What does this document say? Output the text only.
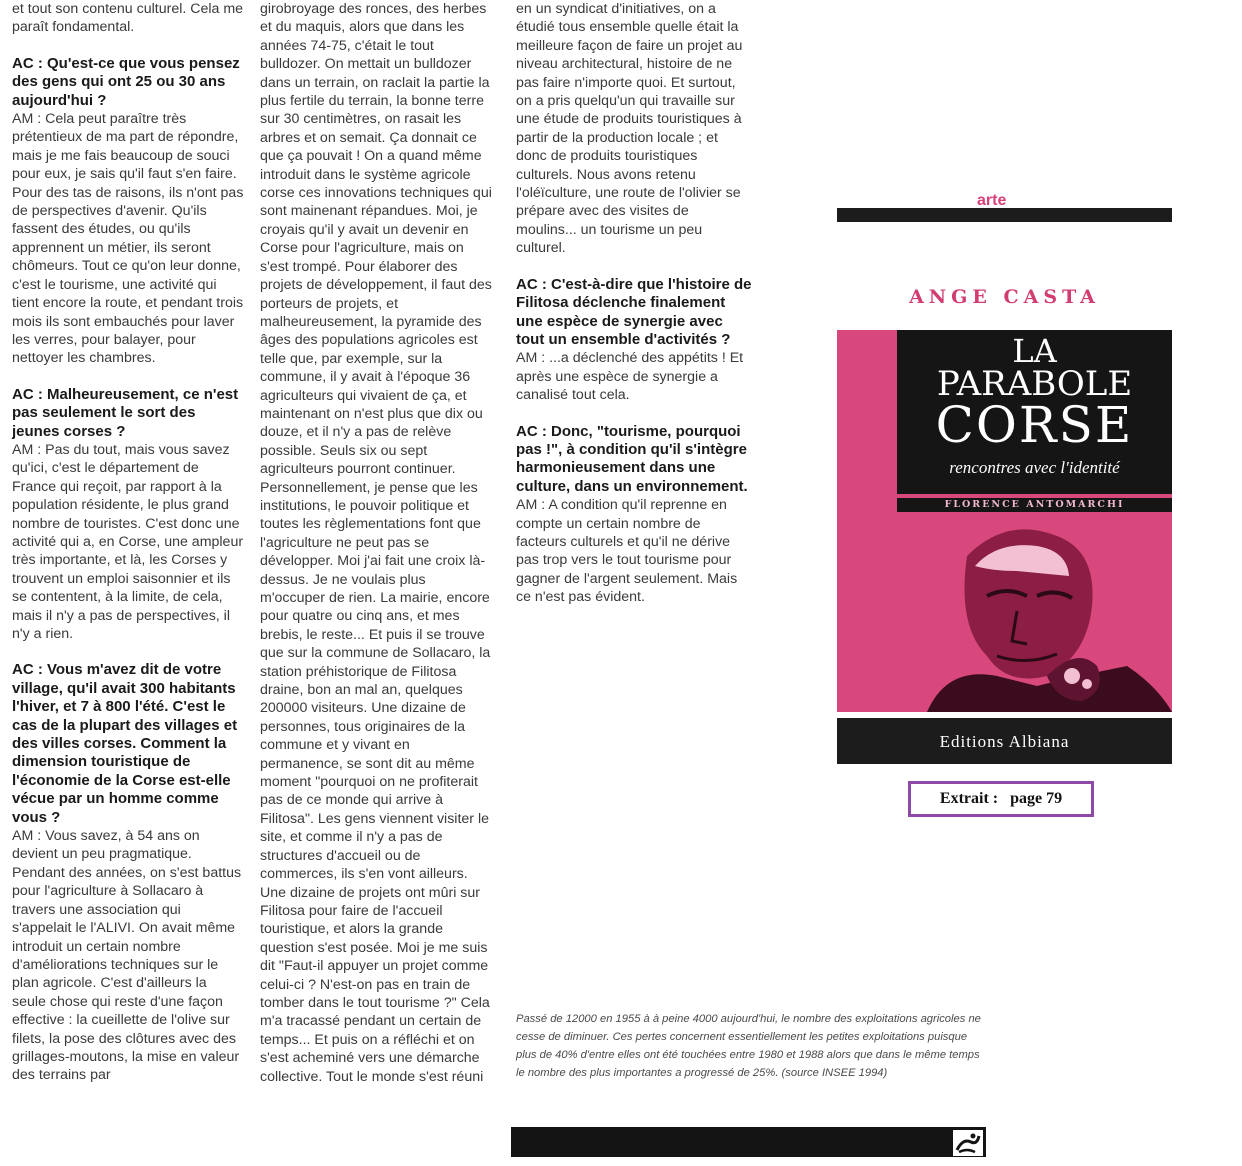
et tout son contenu culturel. Cela me paraît fondamental.

AC : Qu'est-ce que vous pensez des gens qui ont 25 ou 30 ans aujourd'hui ?
AM : Cela peut paraître très prétentieux de ma part de répondre, mais je me fais beaucoup de souci pour eux, je sais qu'il faut s'en faire. Pour des tas de raisons, ils n'ont pas de perspectives d'avenir. Qu'ils fassent des études, ou qu'ils apprennent un métier, ils seront chômeurs. Tout ce qu'on leur donne, c'est le tourisme, une activité qui tient encore la route, et pendant trois mois ils sont embauchés pour laver les verres, pour balayer, pour nettoyer les chambres.

AC : Malheureusement, ce n'est pas seulement le sort des jeunes corses ?
AM : Pas du tout, mais vous savez qu'ici, c'est le département de France qui reçoit, par rapport à la population résidente, le plus grand nombre de touristes. C'est donc une activité qui a, en Corse, une ampleur très importante, et là, les Corses y trouvent un emploi saisonnier et ils se contentent, à la limite, de cela, mais il n'y a pas de perspectives, il n'y a rien.

AC : Vous m'avez dit de votre village, qu'il avait 300 habitants l'hiver, et 7 à 800 l'été. C'est le cas de la plupart des villages et des villes corses. Comment la dimension touristique de l'économie de la Corse est-elle vécue par un homme comme vous ?
AM : Vous savez, à 54 ans on devient un peu pragmatique. Pendant des années, on s'est battus pour l'agriculture à Sollacaro à travers une association qui s'appelait le l'ALIVI. On avait même introduit un certain nombre d'améliorations techniques sur le plan agricole. C'est d'ailleurs la seule chose qui reste d'une façon effective : la cueillette de l'olive sur filets, la pose des clôtures avec des grillages-moutons, la mise en valeur des terrains par

girobroyage des ronces, des herbes et du maquis, alors que dans les années 74-75, c'était le tout bulldozer. On mettait un bulldozer dans un terrain, on raclait la partie la plus fertile du terrain, la bonne terre sur 30 centimètres, on rasait les arbres et on semait. Ça donnait ce que ça pouvait ! On a quand même introduit dans le système agricole corse ces innovations techniques qui sont mainenant répandues. Moi, je croyais qu'il y avait un devenir en Corse pour l'agriculture, mais on s'est trompé. Pour élaborer des projets de développement, il faut des porteurs de projets, et malheureusement, la pyramide des âges des populations agricoles est telle que, par exemple, sur la commune, il y avait à l'époque 36 agriculteurs qui vivaient de ça, et maintenant on n'est plus que dix ou douze, et il n'y a pas de relève possible. Seuls six ou sept agriculteurs pourront continuer. Personnellement, je pense que les institutions, le pouvoir politique et toutes les règlementations font que l'agriculture ne peut pas se développer. Moi j'ai fait une croix là-dessus. Je ne voulais plus m'occuper de rien. La mairie, encore pour quatre ou cinq ans, et mes brebis, le reste... Et puis il se trouve que sur la commune de Sollacaro, la station préhistorique de Filitosa draine, bon an mal an, quelques 200000 visiteurs. Une dizaine de personnes, tous originaires de la commune et y vivant en permanence, se sont dit au même moment "pourquoi on ne profiterait pas de ce monde qui arrive à Filitosa". Les gens viennent visiter le site, et comme il n'y a pas de structures d'accueil ou de commerces, ils s'en vont ailleurs. Une dizaine de projets ont mûri sur Filitosa pour faire de l'accueil touristique, et alors la grande question s'est posée. Moi je me suis dit "Faut-il appuyer un projet comme celui-ci ? N'est-on pas en train de tomber dans le tout tourisme ?" Cela m'a tracassé pendant un certain de temps... Et puis on a réfléchi et on s'est acheminé vers une démarche collective. Tout le monde s'est réuni

en un syndicat d'initiatives, on a étudié tous ensemble quelle était la meilleure façon de faire un projet au niveau architectural, histoire de ne pas faire n'importe quoi. Et surtout, on a pris quelqu'un qui travaille sur une étude de produits touristiques à partir de la production locale ; et donc de produits touristiques culturels. Nous avons retenu l'oléïculture, une route de l'olivier se prépare avec des visites de moulins... un tourisme un peu culturel.

AC : C'est-à-dire que l'histoire de Filitosa déclenche finalement une espèce de synergie avec tout un ensemble d'activités ?
AM : ...a déclenché des appétits ! Et après une espèce de synergie a canalisé tout cela.

AC : Donc, "tourisme, pourquoi pas !", à condition qu'il s'intègre harmonieusement dans une culture, dans un environnement.
AM : A condition qu'il reprenne en compte un certain nombre de facteurs culturels et qu'il ne dérive pas trop vers le tout tourisme pour gagner de l'argent seulement. Mais ce n'est pas évident.

arte
ANGE CASTA
LA
PARABOLE
CORSE
rencontres avec l'identité
FLORENCE ANTOMARCHI
Editions Albiana
Extrait : page 79
Passé de 12000 en 1955 à à peine 4000 aujourd'hui, le nombre des exploitations agricoles ne cesse de diminuer. Ces pertes concernent essentiellement les petites exploitations puisque plus de 40% d'entre elles ont été touchées entre 1980 et 1988 alors que dans le même temps le nombre des plus importantes a progressé de 25%. (source INSEE 1994)
